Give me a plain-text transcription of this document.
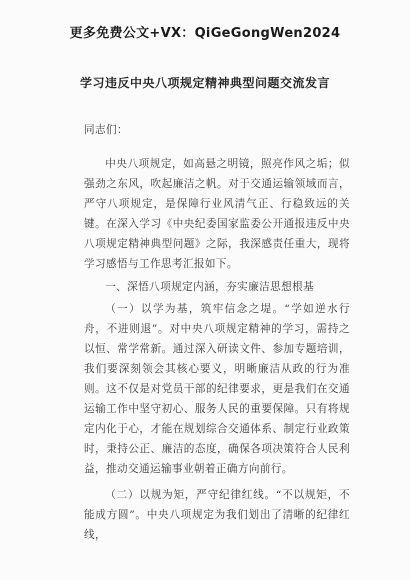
更多免费公文+VX：QiGeGongWen2024
学习违反中央八项规定精神典型问题交流发言

同志们：

中央八项规定，如高悬之明镜，照亮作风之垢；似强劲之东风，吹起廉洁之帆。对于交通运输领域而言，严守八项规定，是保障行业风清气正、行稳致远的关键。在深入学习《中央纪委国家监委公开通报违反中央八项规定精神典型问题》之际，我深感责任重大，现将学习感悟与工作思考汇报如下。

一、深悟八项规定内涵，夯实廉洁思想根基

（一）以学为基，筑牢信念之堤。“学如逆水行舟，不进则退”。对中央八项规定精神的学习，需持之以恒、常学常新。通过深入研读文件、参加专题培训，我们要深刻领会其核心要义，明晰廉洁从政的行为准则。这不仅是对党员干部的纪律要求，更是我们在交通运输工作中坚守初心、服务人民的重要保障。只有将规定内化于心，才能在规划综合交通体系、制定行业政策时，秉持公正、廉洁的态度，确保各项决策符合人民利益，推动交通运输事业朝着正确方向前行。

（二）以规为矩，严守纪律红线。“不以规矩，不能成方圆”。中央八项规定为我们划出了清晰的纪律红线，
